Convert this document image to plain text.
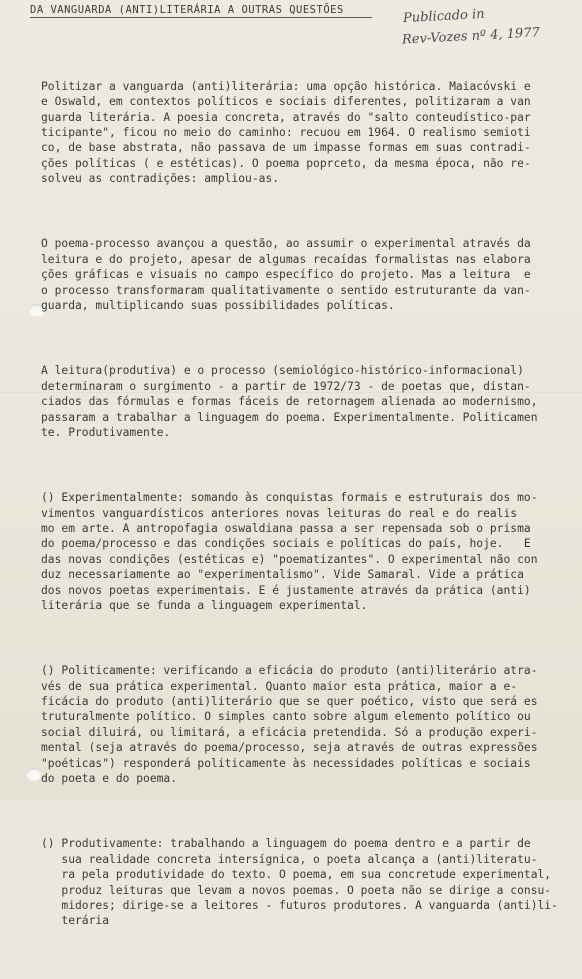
DA VANGUARDA (ANTI)LITERÁRIA A OUTRAS QUESTÕES	Publicado in
Rev-Vozes nº 4, 1977

Politizar a vanguarda (anti)literária: uma opção histórica. Maiacóvski e
e Oswald, em contextos políticos e sociais diferentes, politizaram a van
guarda literária. A poesia concreta, através do "salto conteudístico-par
ticipante", ficou no meio do caminho: recuou em 1964. O realismo semioti
co, de base abstrata, não passava de um impasse formas em suas contradi-
ções políticas ( e estéticas). O poema poprceto, da mesma época, não re-
solveu as contradições: ampliou-as.

O poema-processo avançou a questão, ao assumir o experimental através da
leitura e do projeto, apesar de algumas recaídas formalistas nas elabora
ções gráficas e visuais no campo específico do projeto. Mas a leitura  e
o processo transformaram qualitativamente o sentido estruturante da van-
guarda, multiplicando suas possibilidades políticas.

A leitura(produtiva) e o processo (semiológico-histórico-informacional)
determinaram o surgimento - a partir de 1972/73 - de poetas que, distan-
ciados das fórmulas e formas fáceis de retornagem alienada ao modernismo,
passaram a trabalhar a linguagem do poema. Experimentalmente. Politicamen
te. Produtivamente.

() Experimentalmente: somando às conquistas formais e estruturais dos mo-
vimentos vanguardísticos anteriores novas leituras do real e do realis
mo em arte. A antropofagia oswaldiana passa a ser repensada sob o prisma
do poema/processo e das condições sociais e políticas do país, hoje.   E
das novas condições (estéticas e) "poematizantes". O experimental não con
duz necessariamente ao "experimentalismo". Vide Samaral. Vide a prática
dos novos poetas experimentais. E é justamente através da prática (anti)
literária que se funda a linguagem experimental.

() Politicamente: verificando a eficácia do produto (anti)literário atra-
vés de sua prática experimental. Quanto maior esta prática, maior a e-
ficácia do produto (anti)literário que se quer poético, visto que será es
truturalmente político. O simples canto sobre algum elemento político ou
social diluirá, ou limitará, a eficácia pretendida. Só a produção experi-
mental (seja através do poema/processo, seja através de outras expressões
"poéticas") responderá politicamente às necessidades políticas e sociais
do poeta e do poema.

() Produtivamente: trabalhando a linguagem do poema dentro e a partir de
sua realidade concreta intersígnica, o poeta alcança a (anti)literatu-
ra pela produtividade do texto. O poema, em sua concretude experimental,
produz leituras que levam a novos poemas. O poeta não se dirige a consu-
midores; dirige-se a leitores - futuros produtores. A vanguarda (anti)li-
terária
